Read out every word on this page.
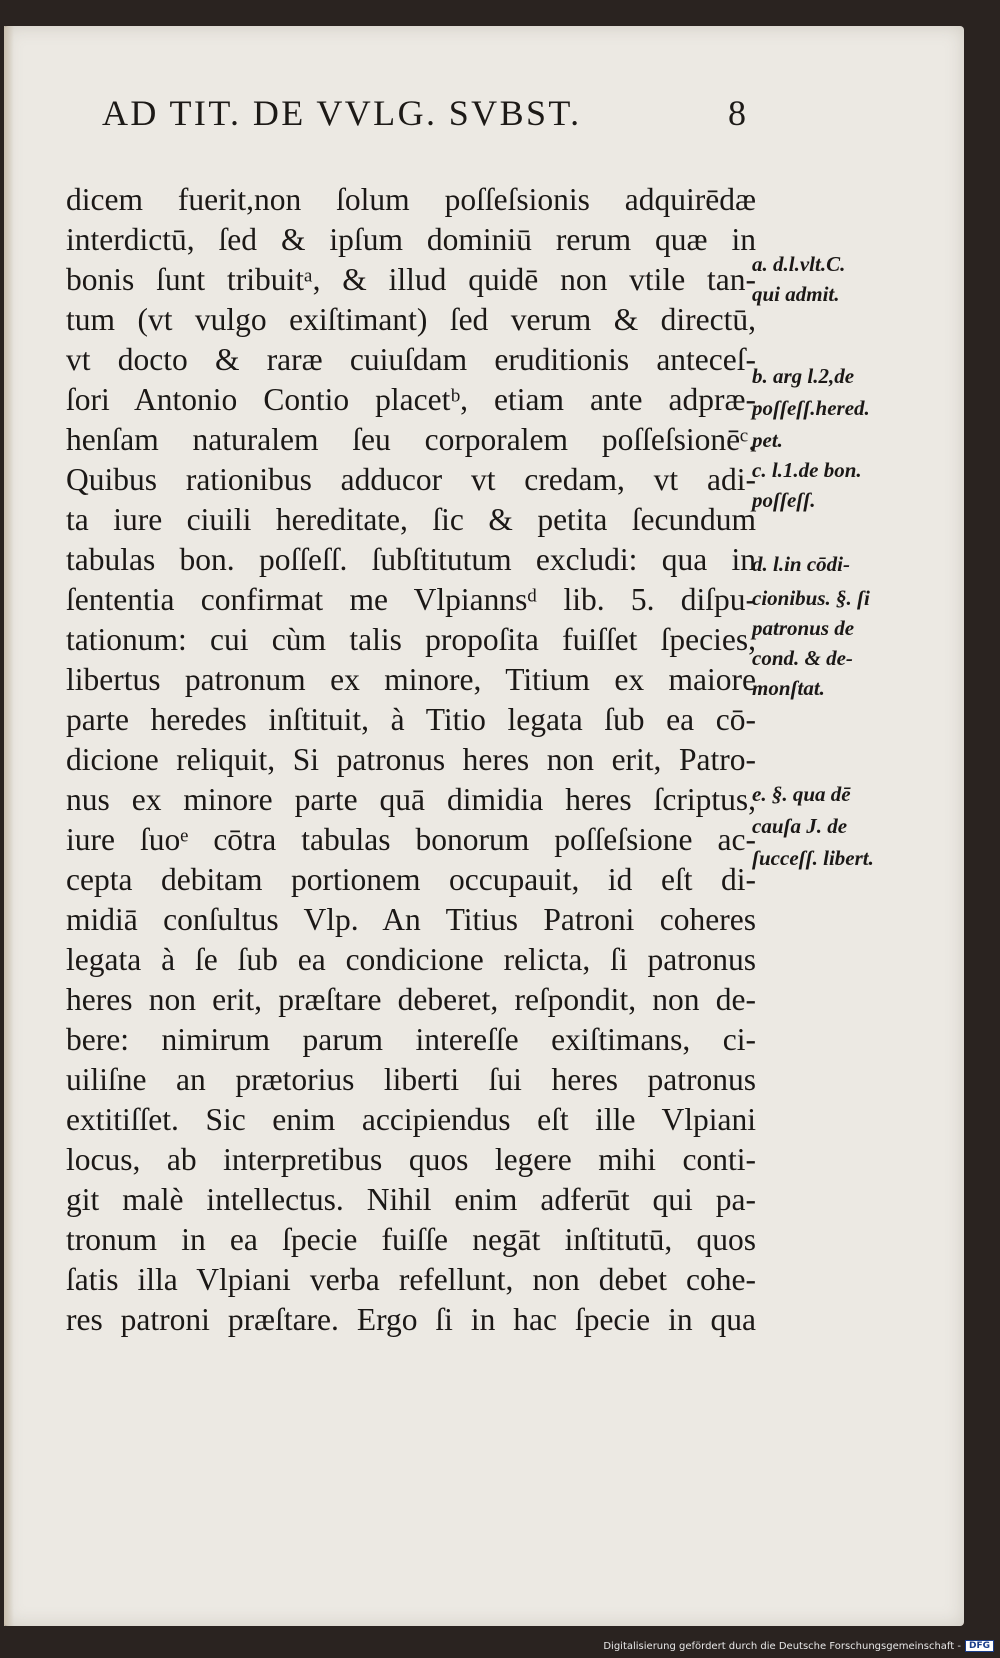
AD TIT. DE VVLG. SVBST.	8
dicem fuerit,non ſolum poſſeſsionis adquirēdæ
interdictū, ſed & ipſum dominiū rerum quæ in
bonis ſunt tribuitᵃ, & illud quidē non vtile tan-
tum (vt vulgo exiſtimant) ſed verum & directū,
vt docto & raræ cuiuſdam eruditionis anteceſ-
ſori Antonio Contio placetᵇ, etiam ante adpræ-
henſam naturalem ſeu corporalem poſſeſsionēᶜ.
Quibus rationibus adducor vt credam, vt adi-
ta iure ciuili hereditate, ſic & petita ſecundum
tabulas bon. poſſeſſ. ſubſtitutum excludi: qua in
ſententia confirmat me Vlpiannsᵈ lib. 5. diſpu-
tationum: cui cùm talis propoſita fuiſſet ſpecies,
libertus patronum ex minore, Titium ex maiore
parte heredes inſtituit, à Titio legata ſub ea cō-
dicione reliquit, Si patronus heres non erit, Patro-
nus ex minore parte quā dimidia heres ſcriptus,
iure ſuoᵉ cōtra tabulas bonorum poſſeſsione ac-
cepta debitam portionem occupauit, id eſt di-
midiā conſultus Vlp. An Titius Patroni coheres
legata à ſe ſub ea condicione relicta, ſi patronus
heres non erit, præſtare deberet, reſpondit, non de-
bere: nimirum parum intereſſe exiſtimans, ci-
uiliſne an prætorius liberti ſui heres patronus
extitiſſet. Sic enim accipiendus eſt ille Vlpiani
locus, ab interpretibus quos legere mihi conti-
git malè intellectus. Nihil enim adferūt qui pa-
tronum in ea ſpecie fuiſſe negāt inſtitutū, quos
ſatis illa Vlpiani verba refellunt, non debet cohe-
res patroni præſtare. Ergo ſi in hac ſpecie in qua
a. d.l.vlt.C.
qui admit.
b. arg l.2,de
poſſeſſ.hered.
pet.
c. l.1.de bon.
poſſeſſ.
d. l.in cōdi-
cionibus. §. ſi
patronus de
cond. & de-
monſtat.
e. §. qua dē
cauſa J. de
ſucceſſ. libert.
Digitalisierung gefördert durch die Deutsche Forschungsgemeinschaft - DFG
